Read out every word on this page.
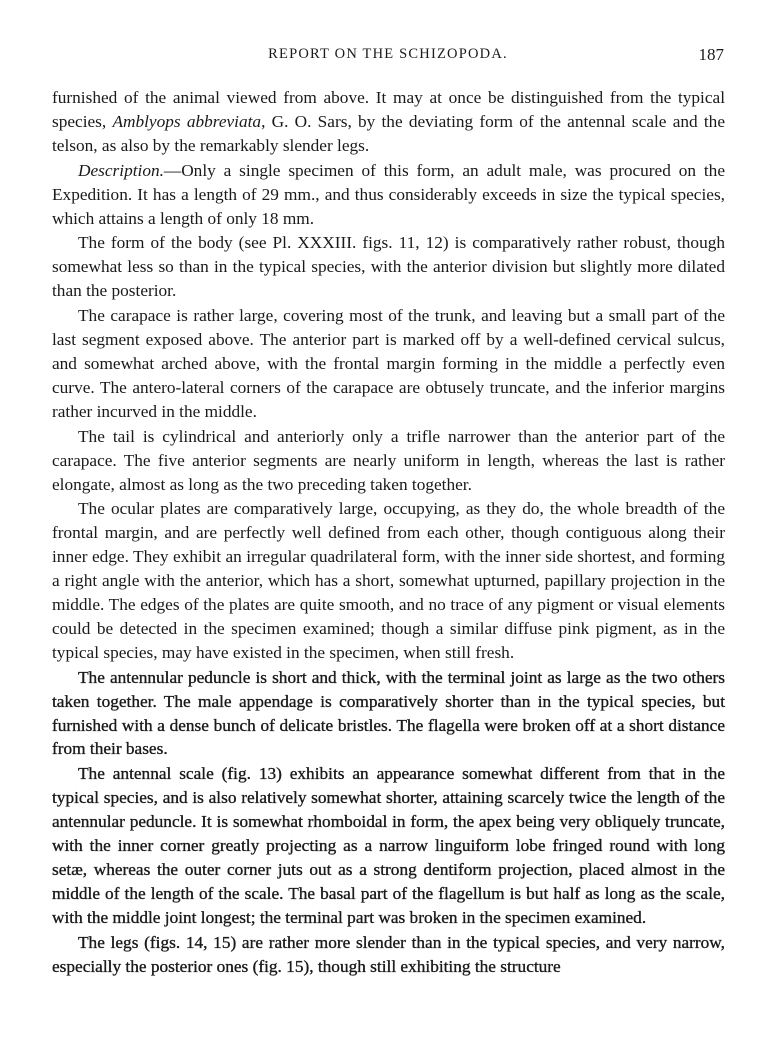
REPORT ON THE SCHIZOPODA.	187

furnished of the animal viewed from above. It may at once be distinguished from the typical species, Amblyops abbreviata, G. O. Sars, by the deviating form of the antennal scale and the telson, as also by the remarkably slender legs.

Description.—Only a single specimen of this form, an adult male, was procured on the Expedition. It has a length of 29 mm., and thus considerably exceeds in size the typical species, which attains a length of only 18 mm.

The form of the body (see Pl. XXXIII. figs. 11, 12) is comparatively rather robust, though somewhat less so than in the typical species, with the anterior division but slightly more dilated than the posterior.

The carapace is rather large, covering most of the trunk, and leaving but a small part of the last segment exposed above. The anterior part is marked off by a well-defined cervical sulcus, and somewhat arched above, with the frontal margin forming in the middle a perfectly even curve. The antero-lateral corners of the carapace are obtusely truncate, and the inferior margins rather incurved in the middle.

The tail is cylindrical and anteriorly only a trifle narrower than the anterior part of the carapace. The five anterior segments are nearly uniform in length, whereas the last is rather elongate, almost as long as the two preceding taken together.

The ocular plates are comparatively large, occupying, as they do, the whole breadth of the frontal margin, and are perfectly well defined from each other, though contiguous along their inner edge. They exhibit an irregular quadrilateral form, with the inner side shortest, and forming a right angle with the anterior, which has a short, somewhat upturned, papillary projection in the middle. The edges of the plates are quite smooth, and no trace of any pigment or visual elements could be detected in the specimen examined; though a similar diffuse pink pigment, as in the typical species, may have existed in the specimen, when still fresh.

The antennular peduncle is short and thick, with the terminal joint as large as the two others taken together. The male appendage is comparatively shorter than in the typical species, but furnished with a dense bunch of delicate bristles. The flagella were broken off at a short distance from their bases.

The antennal scale (fig. 13) exhibits an appearance somewhat different from that in the typical species, and is also relatively somewhat shorter, attaining scarcely twice the length of the antennular peduncle. It is somewhat rhomboidal in form, the apex being very obliquely truncate, with the inner corner greatly projecting as a narrow linguiform lobe fringed round with long setæ, whereas the outer corner juts out as a strong dentiform projection, placed almost in the middle of the length of the scale. The basal part of the flagellum is but half as long as the scale, with the middle joint longest; the terminal part was broken in the specimen examined.

The legs (figs. 14, 15) are rather more slender than in the typical species, and very narrow, especially the posterior ones (fig. 15), though still exhibiting the structure
